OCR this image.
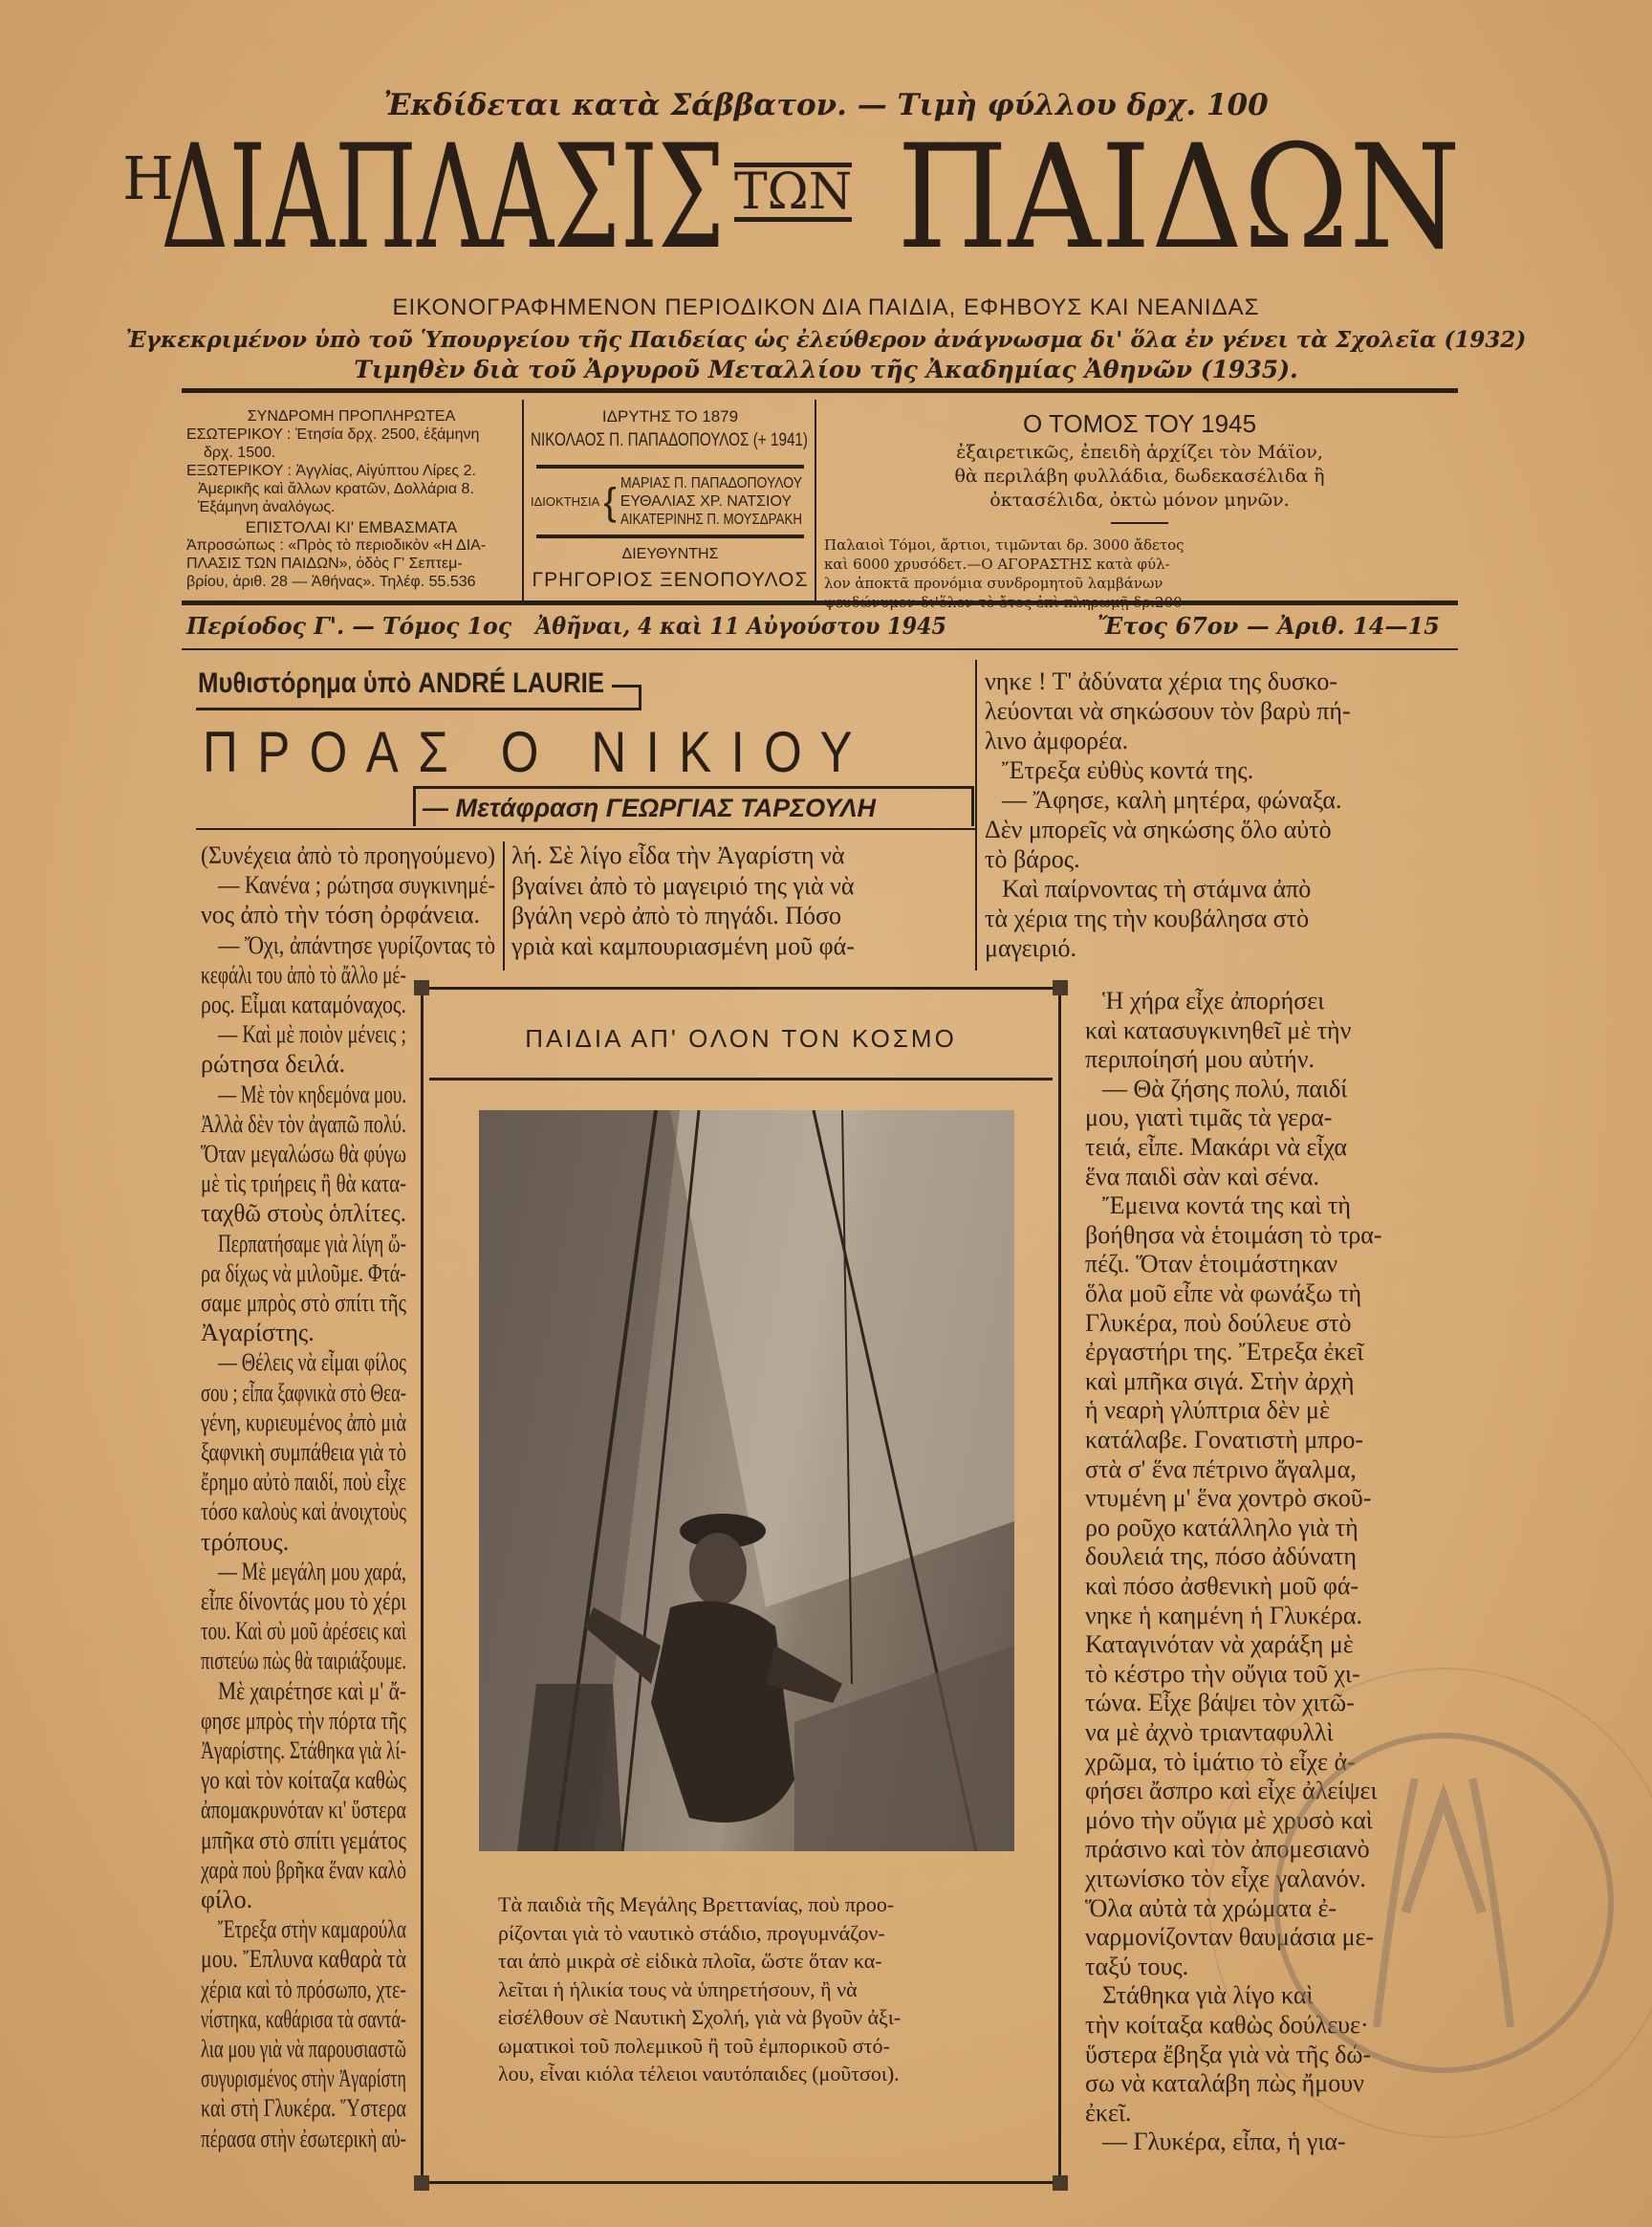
Ἐκδίδεται κατὰ Σάββατον. — Τιμὴ φύλλου δρχ. 100
Η
ΔΙΑΠΛΑΣΙΣ ΤΩΝ ΠΑΙΔΩΝ
ΕΙΚΟΝΟΓΡΑΦΗΜΕΝΟΝ ΠΕΡΙΟΔΙΚΟΝ ΔΙΑ ΠΑΙΔΙΑ, ΕΦΗΒΟΥΣ ΚΑΙ ΝΕΑΝΙΔΑΣ
Ἐγκεκριμένον ὑπὸ τοῦ Ὑπουργείου τῆς Παιδείας ὡς ἐλεύθερον ἀνάγνωσμα δι' ὅλα ἐν γένει τὰ Σχολεῖα (1932)
Τιμηθὲν διὰ τοῦ Ἀργυροῦ Μεταλλίου τῆς Ἀκαδημίας Ἀθηνῶν (1935).
ΣΥΝΔΡΟΜΗ ΠΡΟΠΛΗΡΩΤΕΑ
ΕΣΩΤΕΡΙΚΟΥ : Ἐτησία δρχ. 2500, ἑξάμηνη
δρχ. 1500.
ΕΞΩΤΕΡΙΚΟΥ : Ἀγγλίας, Αἰγύπτου Λίρες 2.
Ἀμερικῆς καὶ ἄλλων κρατῶν, Δολλάρια 8.
Ἑξάμηνη ἀναλόγως.
ΕΠΙΣΤΟΛΑΙ ΚΙ' ΕΜΒΑΣΜΑΤΑ
Ἀπροσώπως : «Πρὸς τὸ περιοδικὸν «Η ΔΙΑ-
ΠΛΑΣΙΣ ΤΩΝ ΠΑΙΔΩΝ», ὁδὸς Γ' Σεπτεμ-
βρίου, ἀριθ. 28 — Ἀθήνας». Τηλέφ. 55.536
ΙΔΡΥΤΗΣ ΤΟ 1879
ΝΙΚΟΛΑΟΣ Π. ΠΑΠΑΔΟΠΟΥΛΟΣ (+ 1941)
ΙΔΙΟΚΤΗΣΙΑ { ΜΑΡΙΑΣ Π. ΠΑΠΑΔΟΠΟΥΛΟΥ
ΕΥΘΑΛΙΑΣ ΧΡ. ΝΑΤΣΙΟΥ
ΑΙΚΑΤΕΡΙΝΗΣ Π. ΜΟΥΣΔΡΑΚΗ
ΔΙΕΥΘΥΝΤΗΣ
ΓΡΗΓΟΡΙΟΣ ΞΕΝΟΠΟΥΛΟΣ
Ο ΤΟΜΟΣ ΤΟΥ 1945
ἐξαιρετικῶς, ἐπειδὴ ἀρχίζει τὸν Μάϊον,
θὰ περιλάβη φυλλάδια, δωδεκασέλιδα ἢ
ὀκτασέλιδα, ὀκτὼ μόνον μηνῶν.
Παλαιοὶ Τόμοι, ἄρτιοι, τιμῶνται δρ. 3000 ἄδετος
καὶ 6000 χρυσόδετ.—Ο ΑΓΟΡΑΣΤΗΣ κατὰ φύλ-
λον ἀποκτᾶ προνόμια συνδρομητοῦ λαμβάνων
Περίοδος Γ'. — Τόμος 1ος Ἀθῆναι, 4 καὶ 11 Αὐγούστου 1945	Ἔτος 67ον — Ἀριθ. 14—15
Μυθιστόρημα ὑπὸ ANDRÉ LAURIE
ΠΡΟΑΣ Ο ΝΙΚΙΟΥ
— Μετάφραση ΓΕΩΡΓΙΑΣ ΤΑΡΣΟΥΛΗ
(Συνέχεια ἀπὸ τὸ προηγούμενο)
— Κανένα ; ρώτησα συγκινημέ-
νος ἀπὸ τὴν τόση ὀρφάνεια.
— Ὄχι, ἀπάντησε γυρίζοντας τὸ
κεφάλι του ἀπὸ τὸ ἄλλο μέ-
ρος. Εἶμαι καταμόναχος.
— Καὶ μὲ ποιὸν μένεις ;
ρώτησα δειλά.
— Μὲ τὸν κηδεμόνα μου.
Ἀλλὰ δὲν τὸν ἀγαπῶ πολύ.
Ὅταν μεγαλώσω θὰ φύγω
μὲ τὶς τριήρεις ἢ θὰ κατα-
ταχθῶ στοὺς ὁπλίτες.
Περπατήσαμε γιὰ λίγη ὥ-
ρα δίχως νὰ μιλοῦμε. Φτά-
σαμε μπρὸς στὸ σπίτι τῆς
Ἀγαρίστης.
— Θέλεις νὰ εἶμαι φίλος
σου ; εἶπα ξαφνικὰ στὸ Θεα-
γένη, κυριευμένος ἀπὸ μιὰ
ξαφνικὴ συμπάθεια γιὰ τὸ
ἔρημο αὐτὸ παιδί, ποὺ εἶχε
τόσο καλοὺς καὶ ἀνοιχτοὺς
τρόπους.
— Μὲ μεγάλη μου χαρά,
εἶπε δίνοντάς μου τὸ χέρι
του. Καὶ σὺ μοῦ ἀρέσεις καὶ
πιστεύω πὼς θὰ ταιριάξουμε.
Μὲ χαιρέτησε καὶ μ' ἄ-
φησε μπρὸς τὴν πόρτα τῆς
Ἀγαρίστης. Στάθηκα γιὰ λί-
γο καὶ τὸν κοίταζα καθὼς
ἀπομακρυνόταν κι' ὕστερα
μπῆκα στὸ σπίτι γεμάτος
χαρὰ ποὺ βρῆκα ἕναν καλὸ
φίλο.
Ἔτρεξα στὴν καμαρούλα
μου. Ἔπλυνα καθαρὰ τὰ
χέρια καὶ τὸ πρόσωπο, χτε-
νίστηκα, καθάρισα τὰ σαντά-
λια μου γιὰ νὰ παρουσιαστῶ
συγυρισμένος στὴν Ἀγαρίστη
καὶ στὴ Γλυκέρα. Ὕστερα
πέρασα στὴν ἐσωτερικὴ αὐ-
λή. Σὲ λίγο εἶδα τὴν Ἀγαρίστη νὰ
βγαίνει ἀπὸ τὸ μαγειριό της γιὰ νὰ
βγάλη νερὸ ἀπὸ τὸ πηγάδι. Πόσο
γριὰ καὶ καμπουριασμένη μοῦ φά-
νηκε ! Τ' ἀδύνατα χέρια της δυσκο-
λεύονται νὰ σηκώσουν τὸν βαρὺ πή-
λινο ἀμφορέα.
Ἔτρεξα εὐθὺς κοντά της.
— Ἄφησε, καλὴ μητέρα, φώναξα.
Δὲν μπορεῖς νὰ σηκώσης ὅλο αὐτὸ
τὸ βάρος.
Καὶ παίρνοντας τὴ στάμνα ἀπὸ
τὰ χέρια της τὴν κουβάλησα στὸ
μαγειριό.
Ἡ χήρα εἶχε ἀπορήσει
καὶ κατασυγκινηθεῖ μὲ τὴν
περιποίησή μου αὐτήν.
— Θὰ ζήσης πολύ, παιδί
μου, γιατὶ τιμᾶς τὰ γερα-
τειά, εἶπε. Μακάρι νὰ εἶχα
ἕνα παιδὶ σὰν καὶ σένα.
Ἔμεινα κοντά της καὶ τὴ
βοήθησα νὰ ἑτοιμάση τὸ τρα-
πέζι. Ὅταν ἑτοιμάστηκαν
ὅλα μοῦ εἶπε νὰ φωνάξω τὴ
Γλυκέρα, ποὺ δούλευε στὸ
ἐργαστήρι της. Ἔτρεξα ἐκεῖ
καὶ μπῆκα σιγά. Στὴν ἀρχὴ
ἡ νεαρὴ γλύπτρια δὲν μὲ
κατάλαβε. Γονατιστὴ μπρο-
στὰ σ' ἕνα πέτρινο ἄγαλμα,
ντυμένη μ' ἕνα χοντρὸ σκοῦ-
ρο ροῦχο κατάλληλο γιὰ τὴ
δουλειά της, πόσο ἀδύνατη
καὶ πόσο ἀσθενικὴ μοῦ φά-
νηκε ἡ καημένη ἡ Γλυκέρα.
Καταγινόταν νὰ χαράξη μὲ
τὸ κέστρο τὴν οὔγια τοῦ χι-
τώνα. Εἶχε βάψει τὸν χιτῶ-
να μὲ ἀχνὸ τριανταφυλλὶ
χρῶμα, τὸ ἱμάτιο τὸ εἶχε ἀ-
φήσει ἄσπρο καὶ εἶχε ἀλείψει
μόνο τὴν οὔγια μὲ χρυσὸ καὶ
πράσινο καὶ τὸν ἀπομεσιανὸ
χιτωνίσκο τὸν εἶχε γαλανόν.
Ὅλα αὐτὰ τὰ χρώματα ἐ-
ναρμονίζονταν θαυμάσια με-
ταξύ τους.
Στάθηκα γιὰ λίγο καὶ
τὴν κοίταξα καθὼς δούλευε·
ὕστερα ἔβηξα γιὰ νὰ τῆς δώ-
σω νὰ καταλάβη πὼς ἤμουν
ἐκεῖ.
— Γλυκέρα, εἶπα, ἡ για-
ΠΑΙΔΙΑ ΑΠ' ΟΛΟΝ ΤΟΝ ΚΟΣΜΟ
Τὰ παιδιὰ τῆς Μεγάλης Βρεττανίας, ποὺ προο-
ρίζονται γιὰ τὸ ναυτικὸ στάδιο, προγυμνάζον-
ται ἀπὸ μικρὰ σὲ εἰδικὰ πλοῖα, ὥστε ὅταν κα-
λεῖται ἡ ἡλικία τους νὰ ὑπηρετήσουν, ἢ νὰ
εἰσέλθουν σὲ Ναυτικὴ Σχολή, γιὰ νὰ βγοῦν ἀξι-
ωματικοὶ τοῦ πολεμικοῦ ἢ τοῦ ἐμπορικοῦ στό-
λου, εἶναι κιόλα τέλειοι ναυτόπαιδες (μοῦτσοι).
